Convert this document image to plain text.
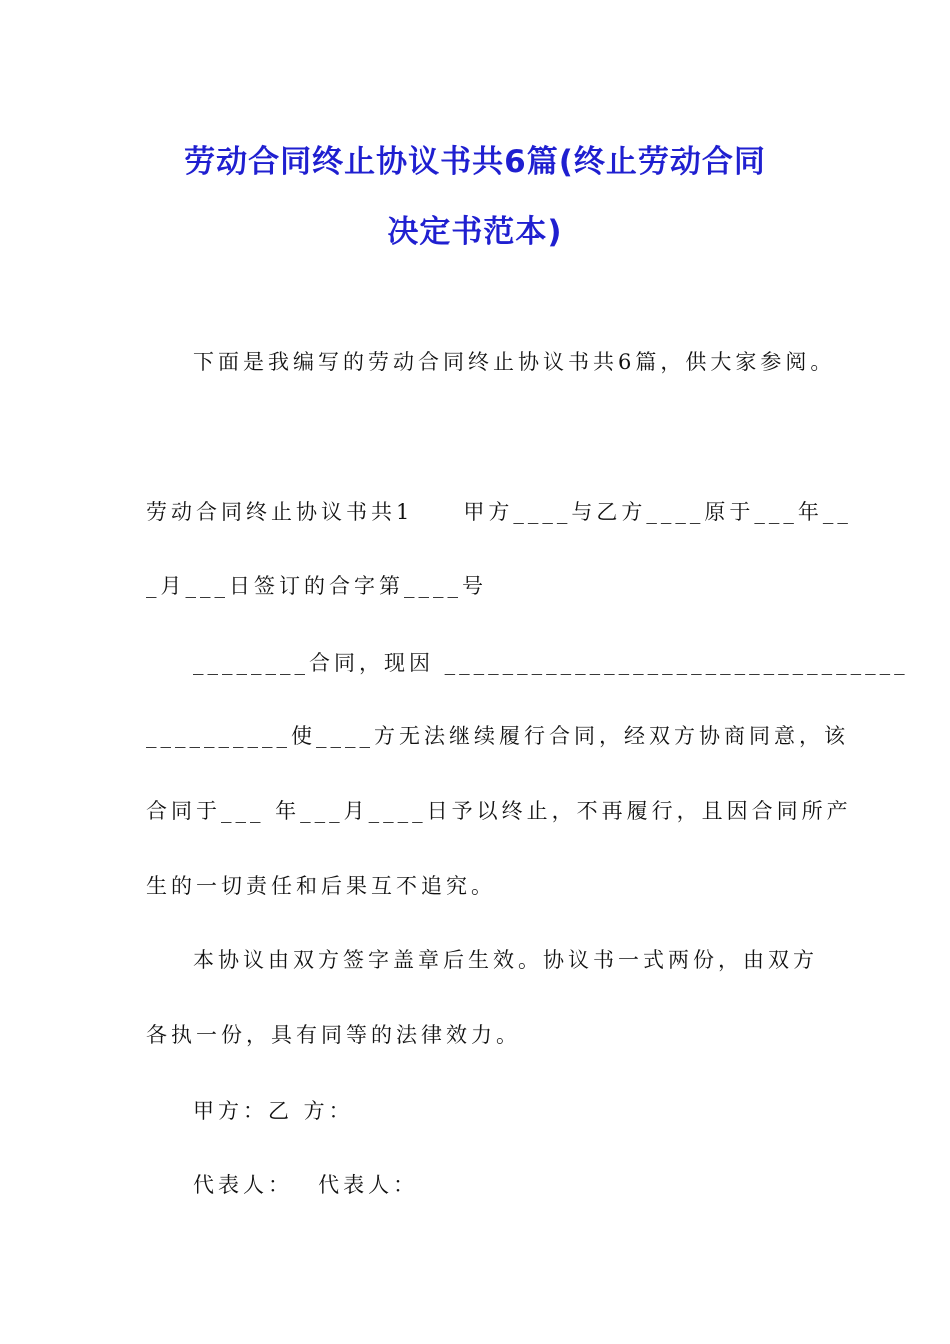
劳动合同终止协议书共6篇(终止劳动合同
决定书范本)
下面是我编写的劳动合同终止协议书共6篇，供大家参阅。
劳动合同终止协议书共1　　甲方____与乙方____原于___年__
_月___日签订的合字第____号
________合同，现因 ________________________________
__________使____方无法继续履行合同，经双方协商同意，该
合同于___ 年___月____日予以终止，不再履行，且因合同所产
生的一切责任和后果互不追究。
本协议由双方签字盖章后生效。协议书一式两份，由双方
各执一份，具有同等的法律效力。
甲方：乙 方：
代表人：　 代表人：
